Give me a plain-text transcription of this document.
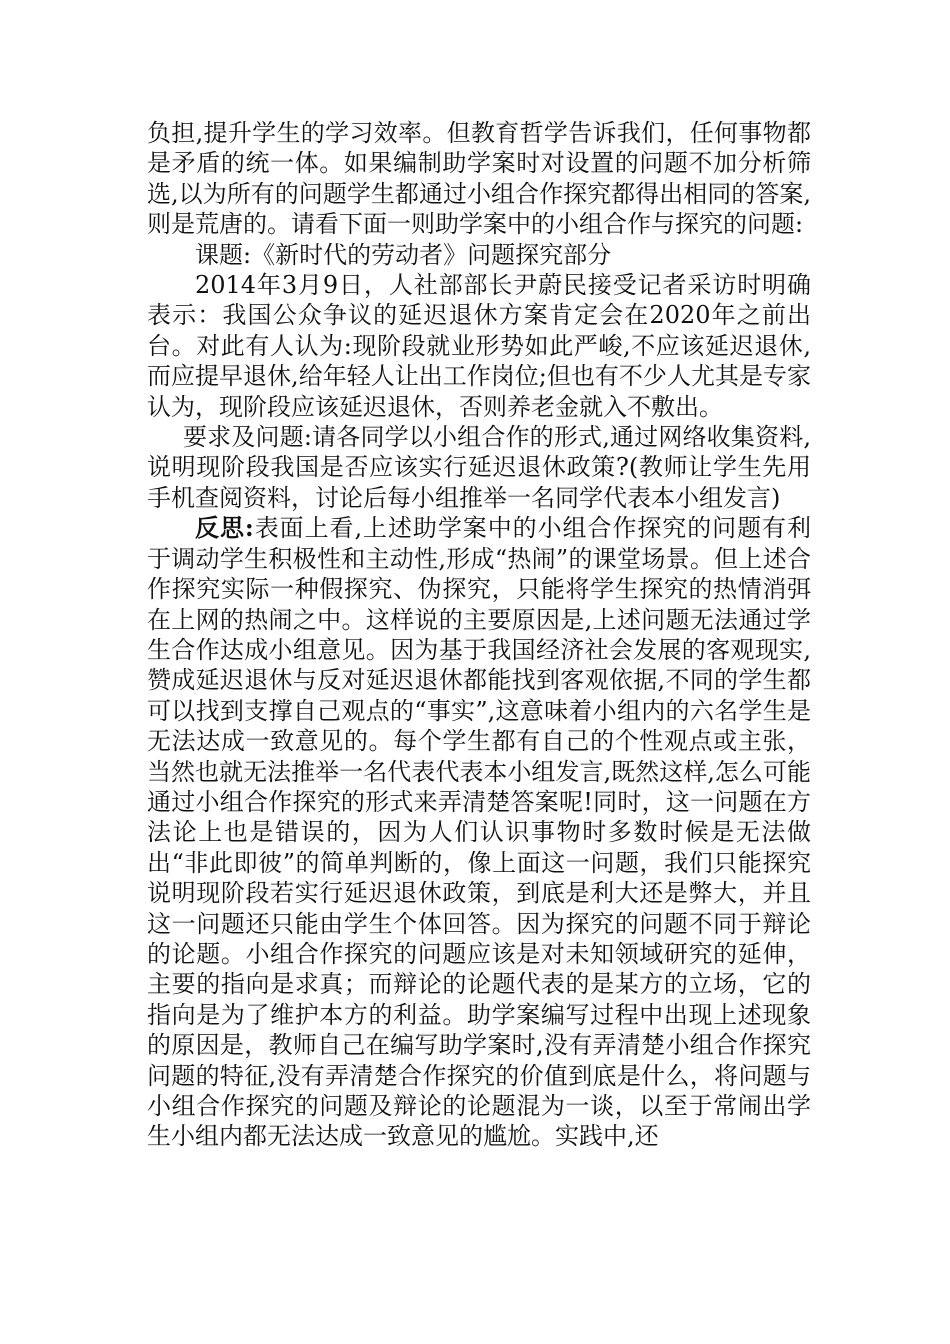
负担,提升学生的学习效率。但教育哲学告诉我们，任何事物都是矛盾的统一体。如果编制助学案时对设置的问题不加分析筛选,以为所有的问题学生都通过小组合作探究都得出相同的答案,则是荒唐的。请看下面一则助学案中的小组合作与探究的问题:

课题:《新时代的劳动者》问题探究部分

2014年3月9日，人社部部长尹蔚民接受记者采访时明确表示：我国公众争议的延迟退休方案肯定会在2020年之前出台。对此有人认为:现阶段就业形势如此严峻,不应该延迟退休,而应提早退休,给年轻人让出工作岗位;但也有不少人尤其是专家认为，现阶段应该延迟退休，否则养老金就入不敷出。

要求及问题:请各同学以小组合作的形式,通过网络收集资料,说明现阶段我国是否应该实行延迟退休政策?(教师让学生先用手机查阅资料，讨论后每小组推举一名同学代表本小组发言)

反思:表面上看,上述助学案中的小组合作探究的问题有利于调动学生积极性和主动性,形成“热闹”的课堂场景。但上述合作探究实际一种假探究、伪探究，只能将学生探究的热情消弭在上网的热闹之中。这样说的主要原因是,上述问题无法通过学生合作达成小组意见。因为基于我国经济社会发展的客观现实,赞成延迟退休与反对延迟退休都能找到客观依据,不同的学生都可以找到支撑自己观点的“事实”,这意味着小组内的六名学生是无法达成一致意见的。每个学生都有自己的个性观点或主张，当然也就无法推举一名代表代表本小组发言,既然这样,怎么可能通过小组合作探究的形式来弄清楚答案呢!同时，这一问题在方法论上也是错误的，因为人们认识事物时多数时候是无法做出“非此即彼”的简单判断的，像上面这一问题，我们只能探究说明现阶段若实行延迟退休政策，到底是利大还是弊大，并且这一问题还只能由学生个体回答。因为探究的问题不同于辩论的论题。小组合作探究的问题应该是对未知领域研究的延伸，主要的指向是求真；而辩论的论题代表的是某方的立场，它的指向是为了维护本方的利益。助学案编写过程中出现上述现象的原因是，教师自己在编写助学案时,没有弄清楚小组合作探究问题的特征,没有弄清楚合作探究的价值到底是什么，将问题与小组合作探究的问题及辩论的论题混为一谈，以至于常闹出学生小组内都无法达成一致意见的尴尬。实践中,还
